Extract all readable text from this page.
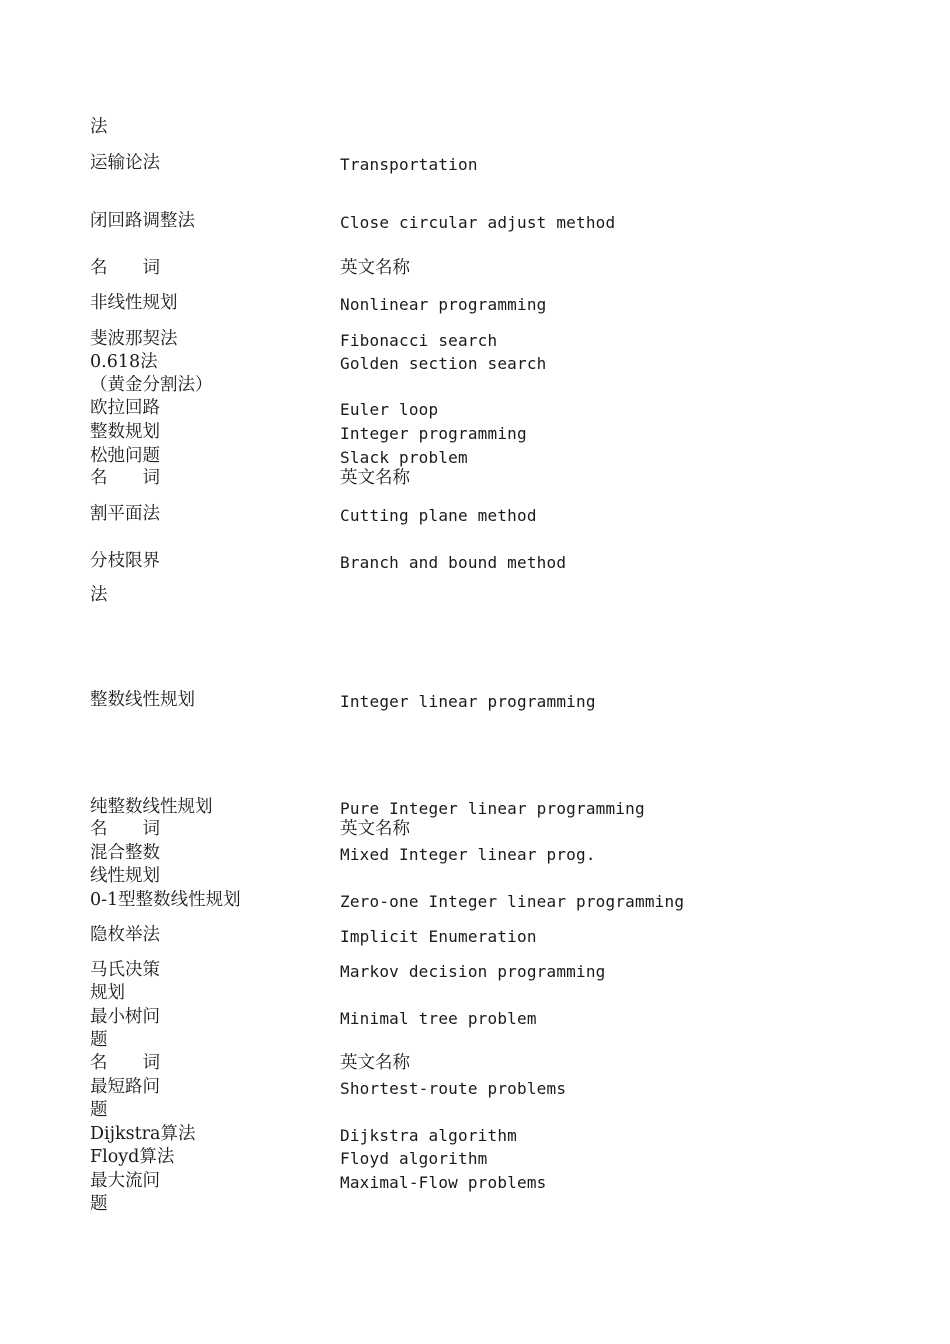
法
运输论法	Transportation
闭回路调整法	Close circular adjust method
名　　词	英文名称
非线性规划	Nonlinear programming
斐波那契法	Fibonacci search
0.618法	Golden section search
（黄金分割法）
欧拉回路	Euler loop
整数规划	Integer programming
松弛问题	Slack problem
名　　词	英文名称
割平面法	Cutting plane method
分枝限界	Branch and bound method
法
整数线性规划	Integer linear programming
纯整数线性规划	Pure Integer linear programming
名　　词	英文名称
混合整数	Mixed Integer linear prog.
线性规划
0-1型整数线性规划	Zero-one Integer linear programming
隐枚举法	Implicit Enumeration
马氏决策	Markov decision programming
规划
最小树问	Minimal tree problem
题
名　　词	英文名称
最短路问	Shortest-route problems
题
Dijkstra算法	Dijkstra algorithm
Floyd算法	Floyd algorithm
最大流问	Maximal-Flow problems
题
